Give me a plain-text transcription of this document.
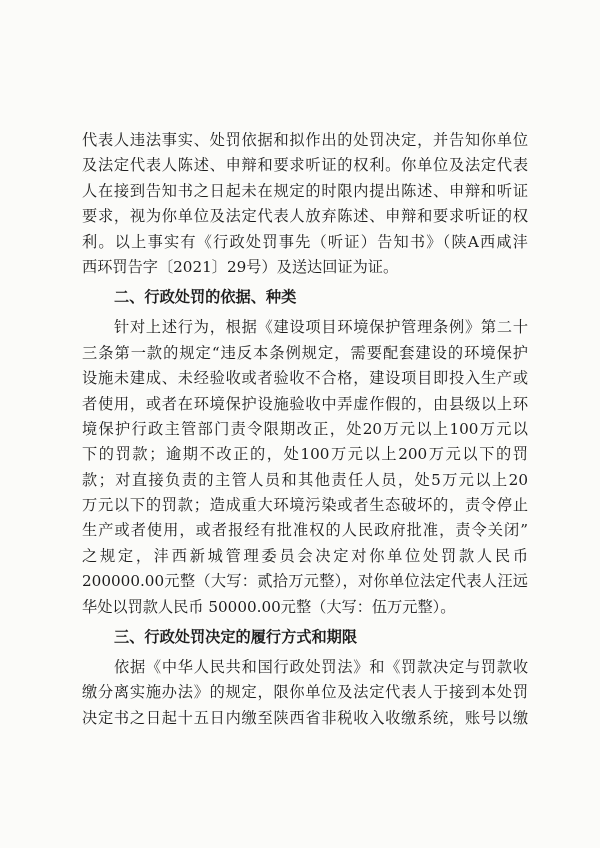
代表人违法事实、处罚依据和拟作出的处罚决定，并告知你单位
及法定代表人陈述、申辩和要求听证的权利。你单位及法定代表
人在接到告知书之日起未在规定的时限内提出陈述、申辩和听证
要求，视为你单位及法定代表人放弃陈述、申辩和要求听证的权
利。以上事实有《行政处罚事先（听证）告知书》（陕A西咸沣
西环罚告字〔2021〕29号）及送达回证为证。
二、行政处罚的依据、种类
针对上述行为，根据《建设项目环境保护管理条例》第二十
三条第一款的规定“违反本条例规定，需要配套建设的环境保护
设施未建成、未经验收或者验收不合格，建设项目即投入生产或
者使用，或者在环境保护设施验收中弄虚作假的，由县级以上环
境保护行政主管部门责令限期改正，处20万元以上100万元以
下的罚款；逾期不改正的，处100万元以上200万元以下的罚
款；对直接负责的主管人员和其他责任人员，处5万元以上20
万元以下的罚款；造成重大环境污染或者生态破坏的，责令停止
生产或者使用，或者报经有批准权的人民政府批准，责令关闭”
之规定，沣西新城管理委员会决定对你单位处罚款人民币
200000.00元整（大写：贰拾万元整），对你单位法定代表人汪远
华处以罚款人民币 50000.00元整（大写：伍万元整）。
三、行政处罚决定的履行方式和期限
依据《中华人民共和国行政处罚法》和《罚款决定与罚款收
缴分离实施办法》的规定，限你单位及法定代表人于接到本处罚
决定书之日起十五日内缴至陕西省非税收入收缴系统，账号以缴
